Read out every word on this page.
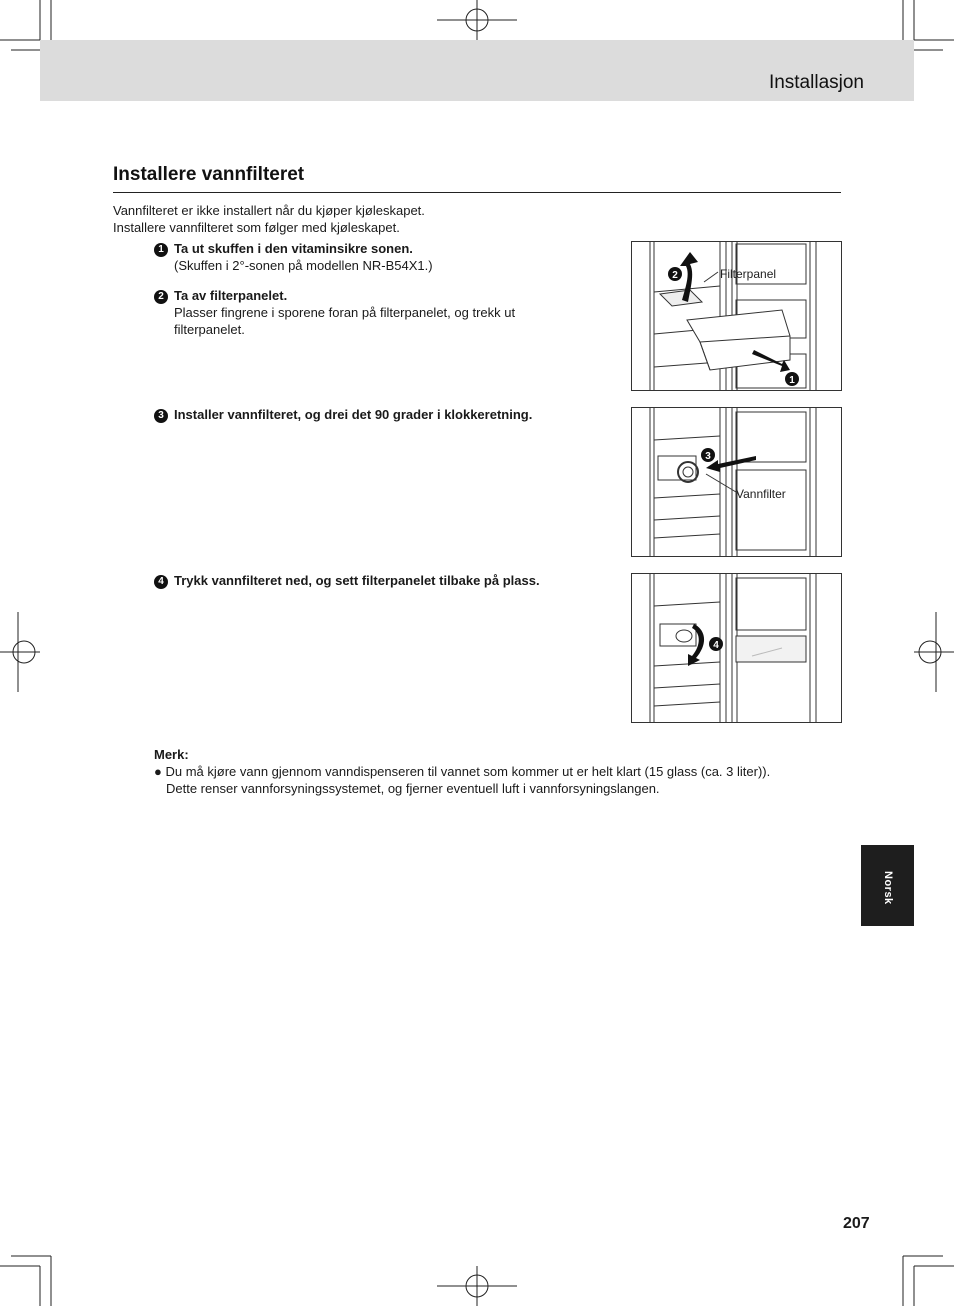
Installasjon
Installere vannfilteret
Vannfilteret er ikke installert når du kjøper kjøleskapet.
Installere vannfilteret som følger med kjøleskapet.
1 Ta ut skuffen i den vitaminsikre sonen.
(Skuffen i 2°-sonen på modellen NR-B54X1.)
2 Ta av filterpanelet.
Plasser fingrene i sporene foran på filterpanelet, og trekk ut
filterpanelet.
3 Installer vannfilteret, og drei det 90 grader i klokkeretning.
4 Trykk vannfilteret ned, og sett filterpanelet tilbake på plass.
2
1
Filterpanel
3
Vannfilter
4
Merk:
● Du må kjøre vann gjennom vanndispenseren til vannet som kommer ut er helt klart (15 glass (ca. 3 liter)).
Dette renser vannforsyningssystemet, og fjerner eventuell luft i vannforsyningslangen.
Norsk
207
